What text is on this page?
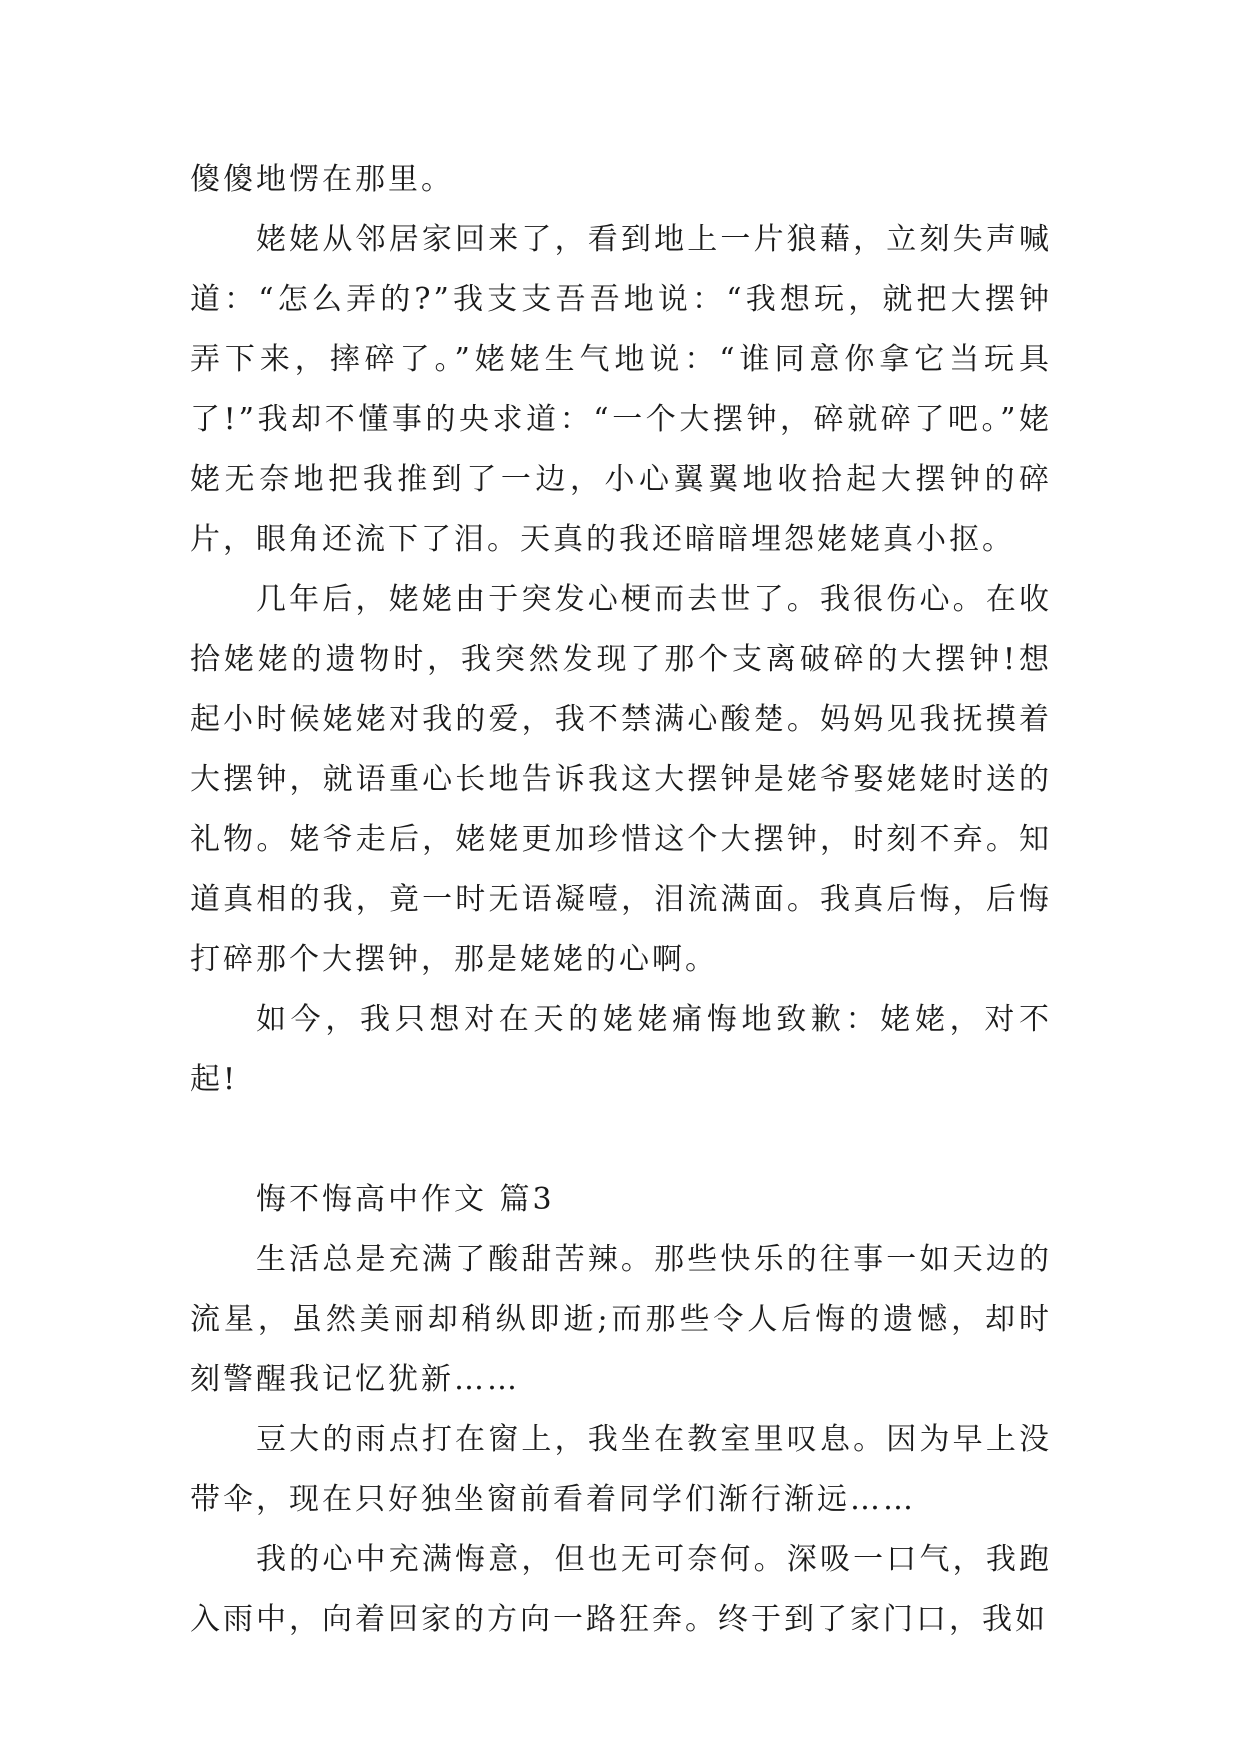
傻傻地愣在那里。

姥姥从邻居家回来了，看到地上一片狼藉，立刻失声喊道：“怎么弄的?”我支支吾吾地说：“我想玩，就把大摆钟弄下来，摔碎了。”姥姥生气地说：“谁同意你拿它当玩具了!”我却不懂事的央求道：“一个大摆钟，碎就碎了吧。”姥姥无奈地把我推到了一边，小心翼翼地收拾起大摆钟的碎片，眼角还流下了泪。天真的我还暗暗埋怨姥姥真小抠。

几年后，姥姥由于突发心梗而去世了。我很伤心。在收拾姥姥的遗物时，我突然发现了那个支离破碎的大摆钟!想起小时候姥姥对我的爱，我不禁满心酸楚。妈妈见我抚摸着大摆钟，就语重心长地告诉我这大摆钟是姥爷娶姥姥时送的礼物。姥爷走后，姥姥更加珍惜这个大摆钟，时刻不弃。知道真相的我，竟一时无语凝噎，泪流满面。我真后悔，后悔打碎那个大摆钟，那是姥姥的心啊。

如今，我只想对在天的姥姥痛悔地致歉：姥姥，对不起!

悔不悔高中作文 篇3

生活总是充满了酸甜苦辣。那些快乐的往事一如天边的流星，虽然美丽却稍纵即逝;而那些令人后悔的遗憾，却时刻警醒我记忆犹新……

豆大的雨点打在窗上，我坐在教室里叹息。因为早上没带伞，现在只好独坐窗前看着同学们渐行渐远……

我的心中充满悔意，但也无可奈何。深吸一口气，我跑入雨中，向着回家的方向一路狂奔。终于到了家门口，我如
